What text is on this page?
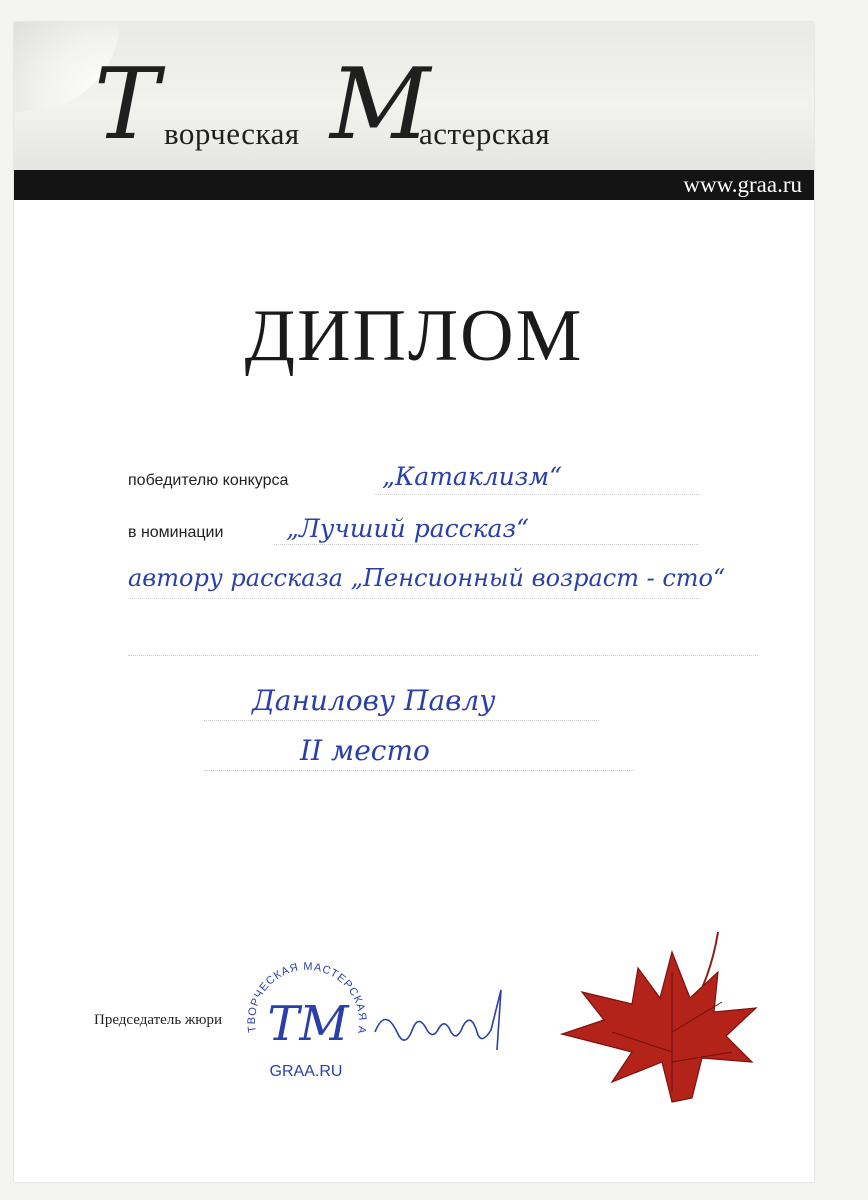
Т ворческая М
астерская
www.graa.ru
ДИПЛОМ
победителю конкурса	„Катаклизм“
в номинации	„Лучший рассказ“
автору рассказа „Пенсионный возраст - сто“
Данилову Павлу
II место
Председатель жюри
ТВОРЧЕСКАЯ МАСТЕРСКАЯ А
ТМ
GRAA.RU
